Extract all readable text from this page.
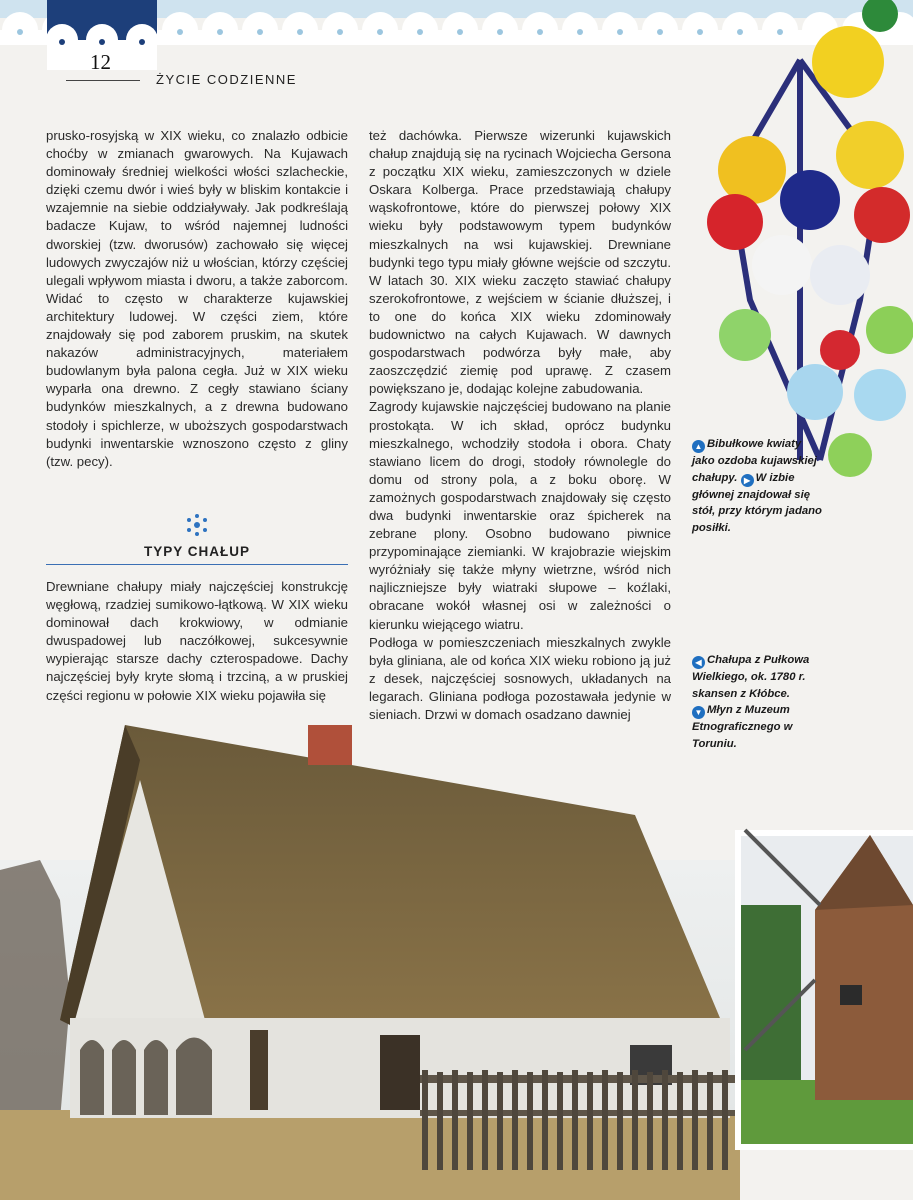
12
ŻYCIE CODZIENNE

prusko-rosyjską w XIX wieku, co znalazło odbicie choćby w zmianach gwarowych. Na Kujawach dominowały średniej wielkości włości szlacheckie, dzięki czemu dwór i wieś były w bliskim kontakcie i wzajemnie na siebie oddziaływały. Jak podkreślają badacze Kujaw, to wśród najemnej ludności dworskiej (tzw. dworusów) zachowało się więcej ludowych zwyczajów niż u włościan, którzy częściej ulegali wpływom miasta i dworu, a także zaborcom. Widać to często w charakterze kujawskiej architektury ludowej. W części ziem, które znajdowały się pod zaborem pruskim, na skutek nakazów administracyjnych, materiałem budowlanym była palona cegła. Już w XIX wieku wyparła ona drewno. Z cegły stawiano ściany budynków mieszkalnych, a z drewna budowano stodoły i spichlerze, w uboższych gospodarstwach budynki inwentarskie wznoszono często z gliny (tzw. pecy).

TYPY CHAŁUP

Drewniane chałupy miały najczęściej konstrukcję węgłową, rzadziej sumikowo-łątkową. W XIX wieku dominował dach krokwiowy, w odmianie dwuspadowej lub naczółkowej, sukcesywnie wypierając starsze dachy czterospadowe. Dachy najczęściej były kryte słomą i trzciną, a w pruskiej części regionu w połowie XIX wieku pojawiła się

też dachówka. Pierwsze wizerunki kujawskich chałup znajdują się na rycinach Wojciecha Gersona z początku XIX wieku, zamieszczonych w dziele Oskara Kolberga. Prace przedstawiają chałupy wąskofrontowe, które do pierwszej połowy XIX wieku były podstawowym typem budynków mieszkalnych na wsi kujawskiej. Drewniane budynki tego typu miały główne wejście od szczytu. W latach 30. XIX wieku zaczęto stawiać chałupy szerokofrontowe, z wejściem w ścianie dłuższej, i to one do końca XIX wieku zdominowały budownictwo na całych Kujawach. W dawnych gospodarstwach podwórza były małe, aby zaoszczędzić ziemię pod uprawę. Z czasem powiększano je, dodając kolejne zabudowania.

Zagrody kujawskie najczęściej budowano na planie prostokąta. W ich skład, oprócz budynku mieszkalnego, wchodziły stodoła i obora. Chaty stawiano licem do drogi, stodoły równolegle do domu od strony pola, a z boku oborę. W zamożnych gospodarstwach znajdowały się często dwa budynki inwentarskie oraz śpicherek na zebrane plony. Osobno budowano piwnice przypominające ziemianki. W krajobrazie wiejskim wyróżniały się także młyny wietrzne, wśród nich najliczniejsze były wiatraki słupowe – koźlaki, obracane wokół własnej osi w zależności o kierunku wiejącego wiatru.

Podłoga w pomieszczeniach mieszkalnych zwykle była gliniana, ale od końca XIX wieku robiono ją już z desek, najczęściej sosnowych, układanych na legarach. Gliniana podłoga pozostawała jedynie w sieniach. Drzwi w domach osadzano dawniej

▲ Bibułkowe kwiaty jako ozdoba kujawskiej chałupy. ▶ W izbie głównej znajdował się stół, przy którym jadano posiłki.
◀ Chałupa z Pułkowa Wielkiego, ok. 1780 r. skansen z Kłóbce.
▼ Młyn z Muzeum Etnograficznego w Toruniu.
